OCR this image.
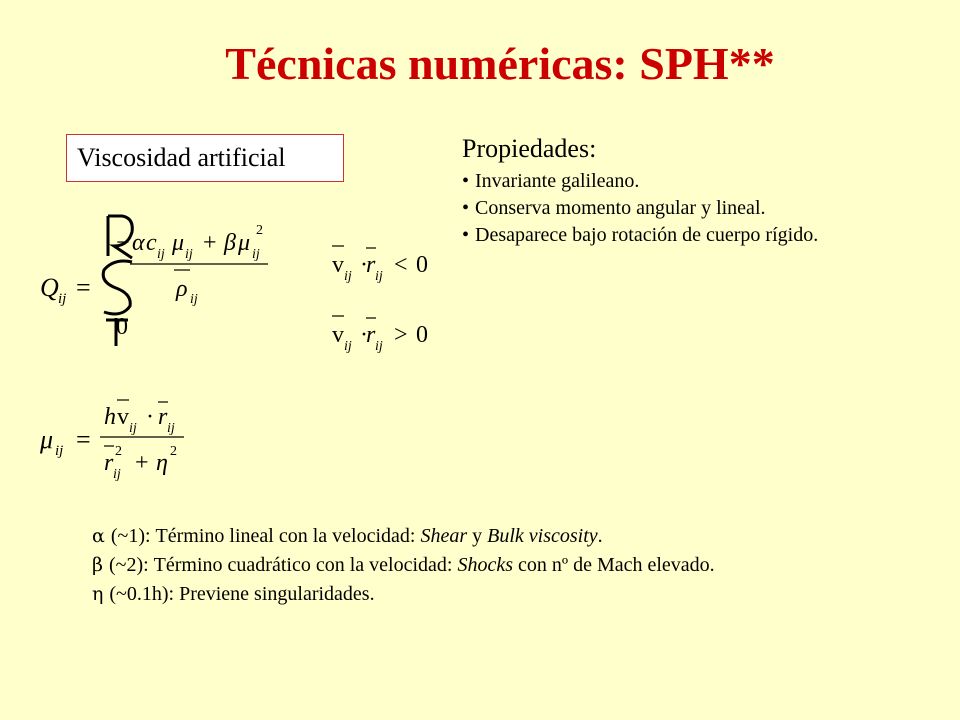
Técnicas numéricas: SPH**
Viscosidad artificial	Propiedades:
• Invariante galileano.
• Conserva momento angular y lineal.
• Desaparece bajo rotación de cuerpo rígido.
Q ij =
− α c ij μ ij + β μ ij
2
ρ ij
0
v ij ·
r ij < 0
v ij ·
r ij > 0
μ ij =
h v ij · r ij
r ij
2 + η 2
α (~1): Término lineal con la velocidad: Shear y Bulk viscosity.
β (~2): Término cuadrático con la velocidad: Shocks con nº de Mach elevado.
η (~0.1h): Previene singularidades.
